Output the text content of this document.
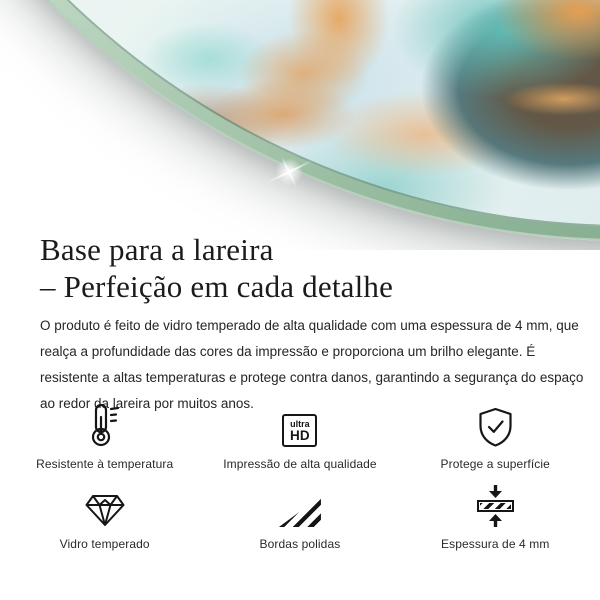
Base para a lareira
– Perfeição em cada detalhe
O produto é feito de vidro temperado de alta qualidade com uma espessura de 4 mm, que realça a profundidade das cores da impressão e proporciona um brilho elegante. É resistente a altas temperaturas e protege contra danos, garantindo a segurança do espaço ao redor da lareira por muitos anos.
Resistente à temperatura
ultra
HD
Impressão de alta qualidade	Protege a superfície
Vidro temperado	Bordas polidas	Espessura de 4 mm
